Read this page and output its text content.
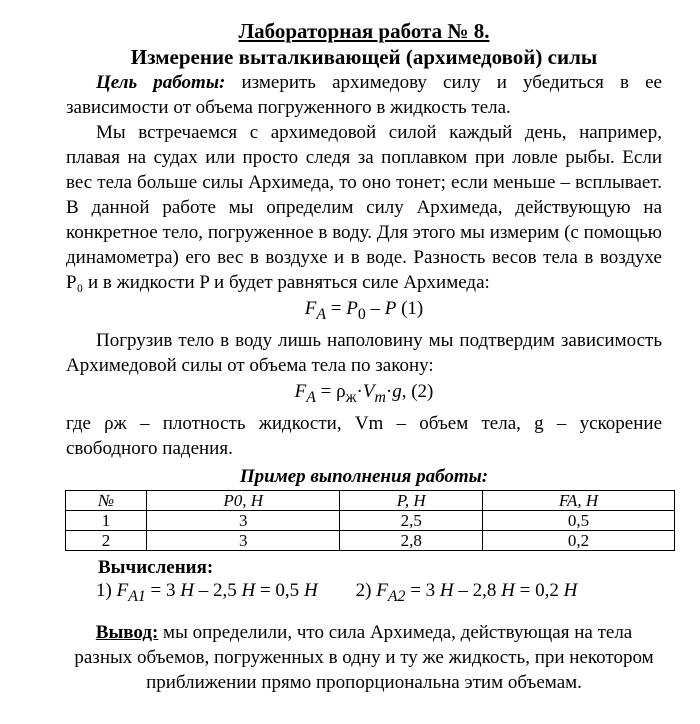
Лабораторная работа № 8.
Измерение выталкивающей (архимедовой) силы

Цель работы: измерить архимедову силу и убедиться в ее зависимости от объема погруженного в жидкость тела.

Мы встречаемся с архимедовой силой каждый день, например, плавая на судах или просто следя за поплавком при ловле рыбы. Если вес тела больше силы Архимеда, то оно тонет; если меньше – всплывает. В данной работе мы определим силу Архимеда, действующую на конкретное тело, погруженное в воду. Для этого мы измерим (с помощью динамометра) его вес в воздухе и в воде. Разность весов тела в воздухе P₀ и в жидкости P и будет равняться силе Архимеда:

$F_A = P_0 - P$ (1)

Погрузив тело в воду лишь наполовину мы подтвердим зависимость Архимедовой силы от объема тела по закону:

$F_A = \rho_ж\cdot V_m\cdot g$, (2)

где ρж – плотность жидкости, Vm – объем тела, g – ускорение свободного падения.

Пример выполнения работы:
№	P0, H	P, H	FA, H
1	3	2,5	0,5
2	3	2,8	0,2
Вычисления:
1) $F_{A1} = 3$ H – 2,5 H = 0,5 H 2) $F_{A2} = 3$ H – 2,8 H = 0,2 H
Вывод: мы определили, что сила Архимеда, действующая на тела разных объемов, погруженных в одну и ту же жидкость, при некотором приближении прямо пропорциональна этим объемам.
